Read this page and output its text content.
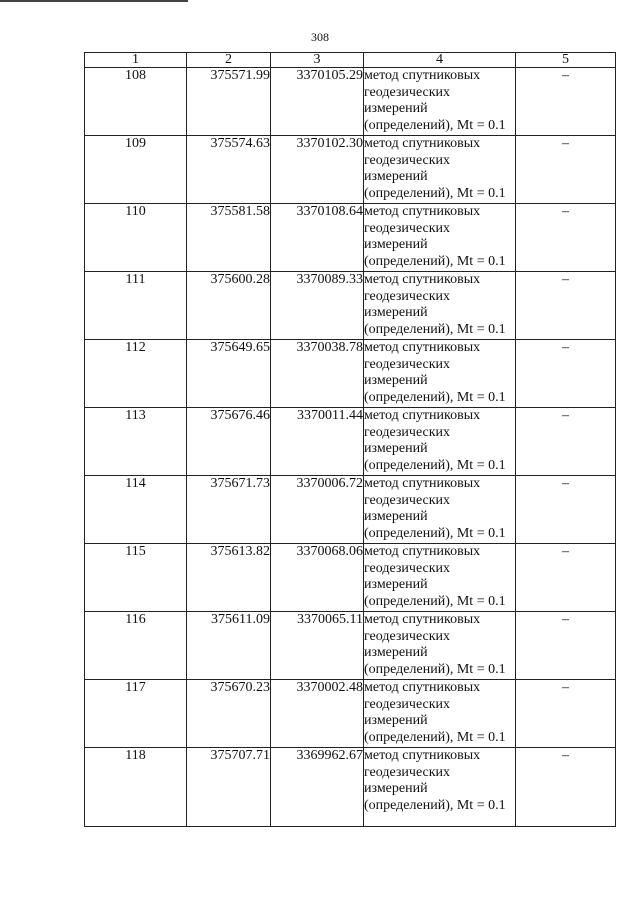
308
1	2	3	4	5
108	375571.99	3370105.29	метод спутниковых геодезических измерений (определений), Mt = 0.1	–
109	375574.63	3370102.30	метод спутниковых геодезических измерений (определений), Mt = 0.1	–
110	375581.58	3370108.64	метод спутниковых геодезических измерений (определений), Mt = 0.1	–
111	375600.28	3370089.33	метод спутниковых геодезических измерений (определений), Mt = 0.1	–
112	375649.65	3370038.78	метод спутниковых геодезических измерений (определений), Mt = 0.1	–
113	375676.46	3370011.44	метод спутниковых геодезических измерений (определений), Mt = 0.1	–
114	375671.73	3370006.72	метод спутниковых геодезических измерений (определений), Mt = 0.1	–
115	375613.82	3370068.06	метод спутниковых геодезических измерений (определений), Mt = 0.1	–
116	375611.09	3370065.11	метод спутниковых геодезических измерений (определений), Mt = 0.1	–
117	375670.23	3370002.48	метод спутниковых геодезических измерений (определений), Mt = 0.1	–
118	375707.71	3369962.67	метод спутниковых геодезических измерений (определений), Mt = 0.1	–
